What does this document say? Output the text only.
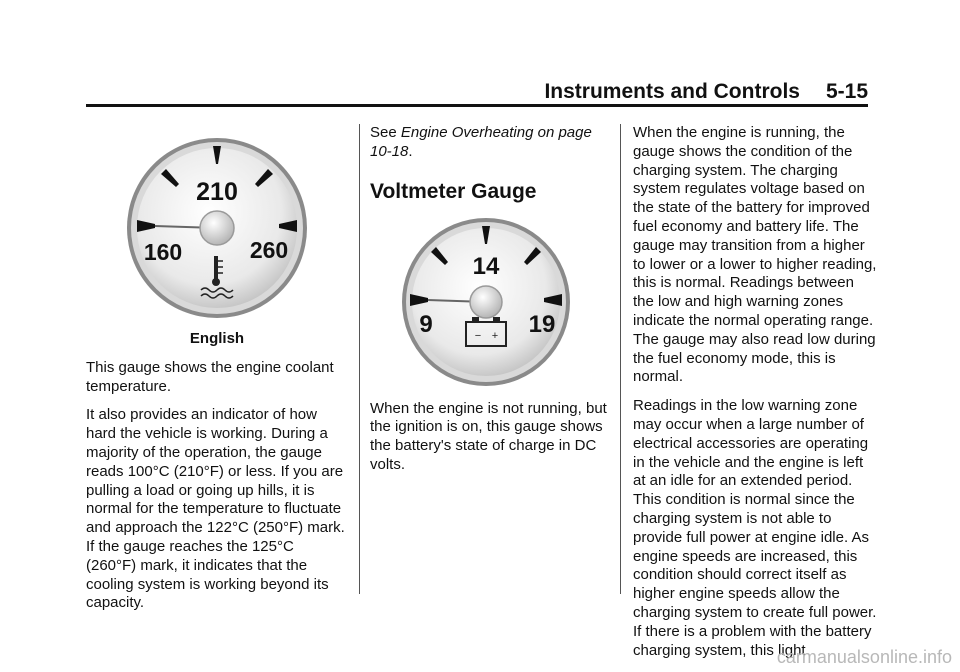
Instruments and Controls 5-15
210
160	260
English

This gauge shows the engine coolant temperature.

It also provides an indicator of how hard the vehicle is working. During a majority of the operation, the gauge reads 100°C (210°F) or less. If you are pulling a load or going up hills, it is normal for the temperature to fluctuate and approach the 122°C (250°F) mark. If the gauge reaches the 125°C (260°F) mark, it indicates that the cooling system is working beyond its capacity.

See Engine Overheating on page 10-18.

Voltmeter Gauge
14
9	19
− +

When the engine is not running, but the ignition is on, this gauge shows the battery's state of charge in DC volts.

When the engine is running, the gauge shows the condition of the charging system. The charging system regulates voltage based on the state of the battery for improved fuel economy and battery life. The gauge may transition from a higher to lower or a lower to higher reading, this is normal. Readings between the low and high warning zones indicate the normal operating range. The gauge may also read low during the fuel economy mode, this is normal.

Readings in the low warning zone may occur when a large number of electrical accessories are operating in the vehicle and the engine is left at an idle for an extended period. This condition is normal since the charging system is not able to provide full power at engine idle. As engine speeds are increased, this condition should correct itself as higher engine speeds allow the charging system to create full power. If there is a problem with the battery charging system, this light

carmanualsonline.info
